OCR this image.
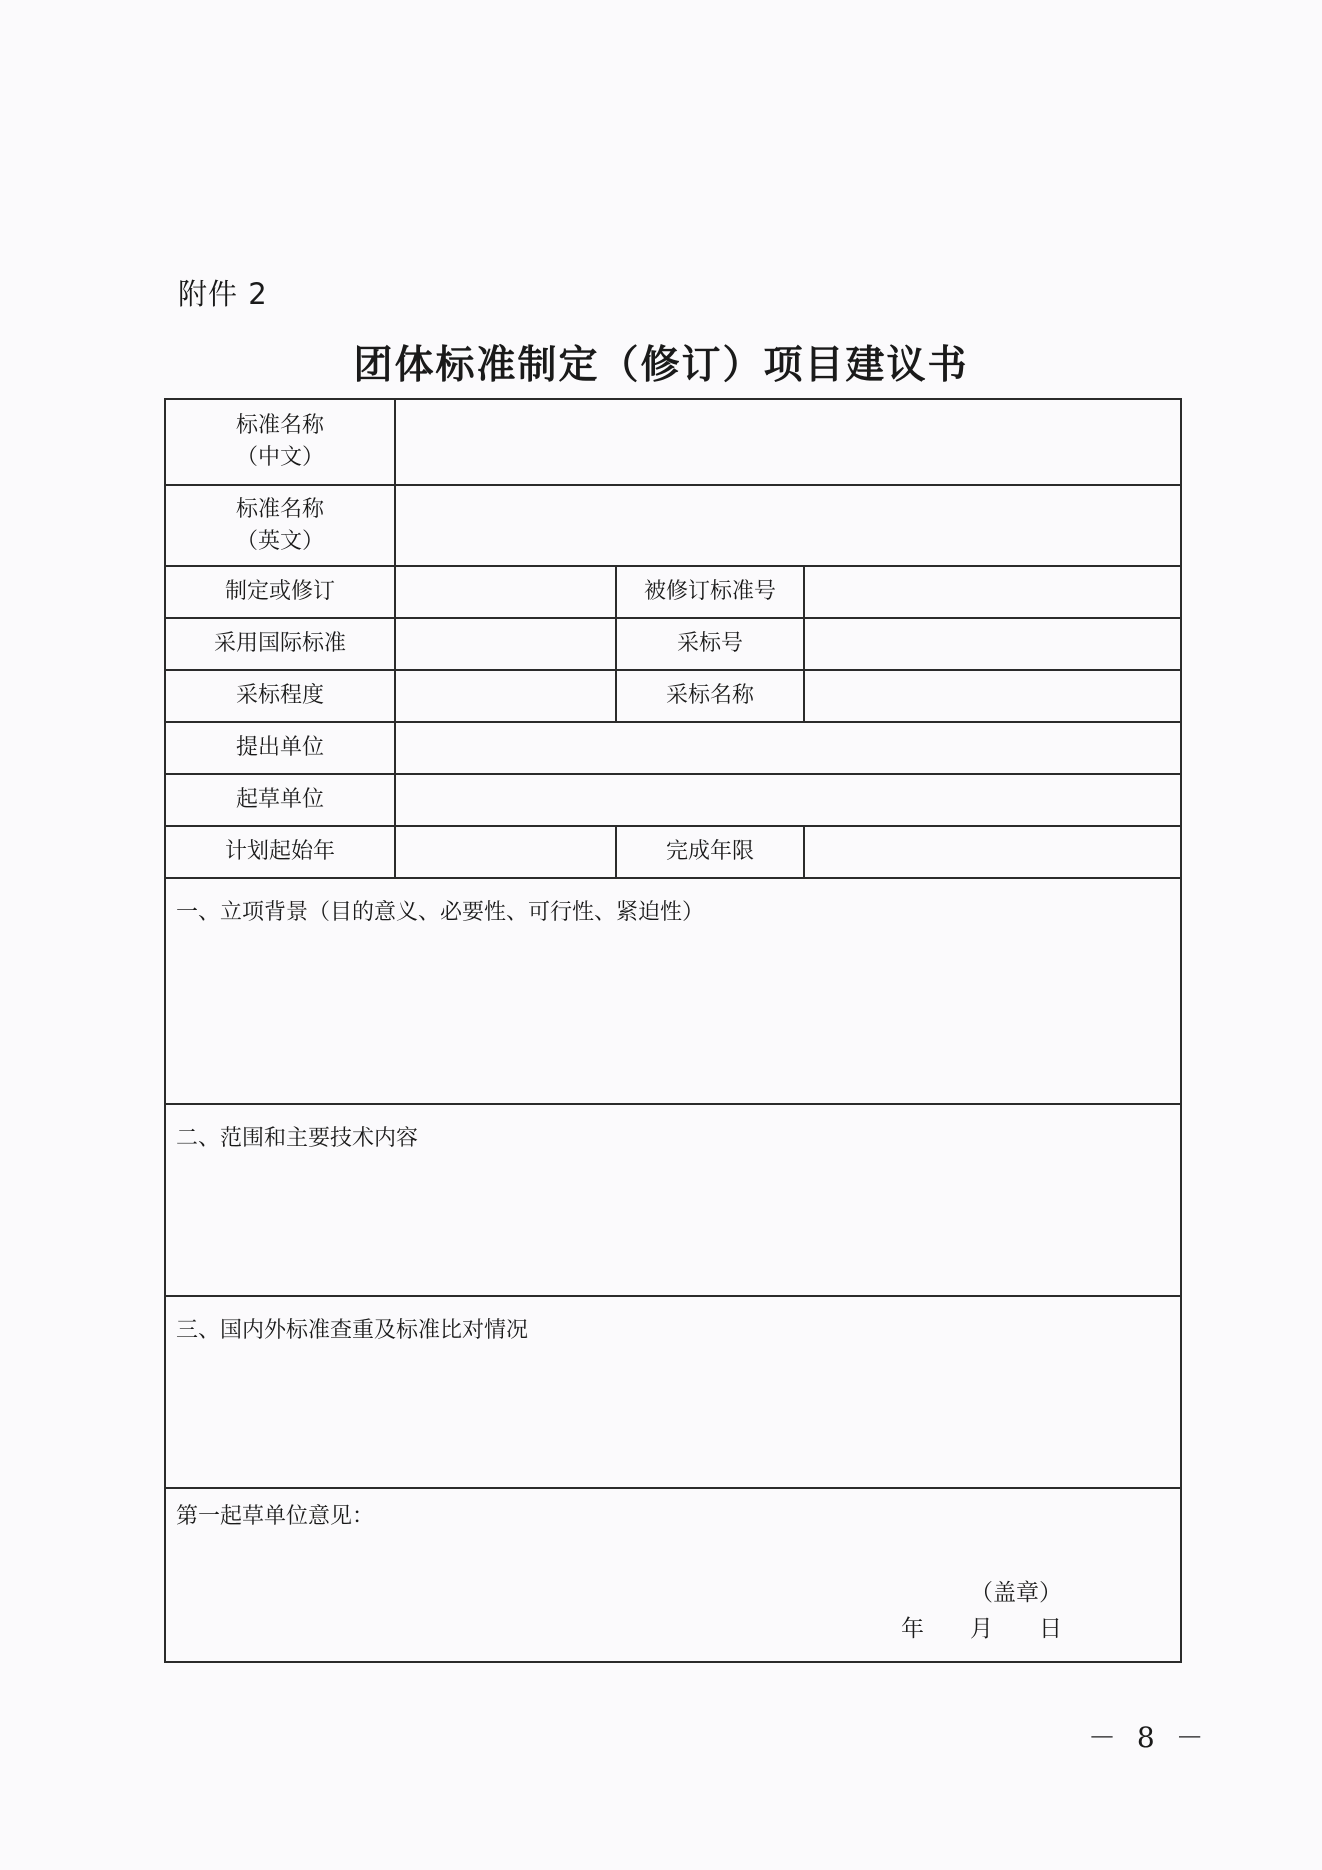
附件 2
团体标准制定（修订）项目建议书
标准名称
（中文）			

标准名称
（英文）			

制定或修订		被修订标准号	
采用国际标准		采标号	
采标程度		采标名称	
提出单位			
起草单位			
计划起始年		完成年限	
一、立项背景（目的意义、必要性、可行性、紧迫性）			
二、范围和主要技术内容			
三、国内外标准查重及标准比对情况			
第一起草单位意见：
（盖章）
年　　月　　日			
－ 8 －
